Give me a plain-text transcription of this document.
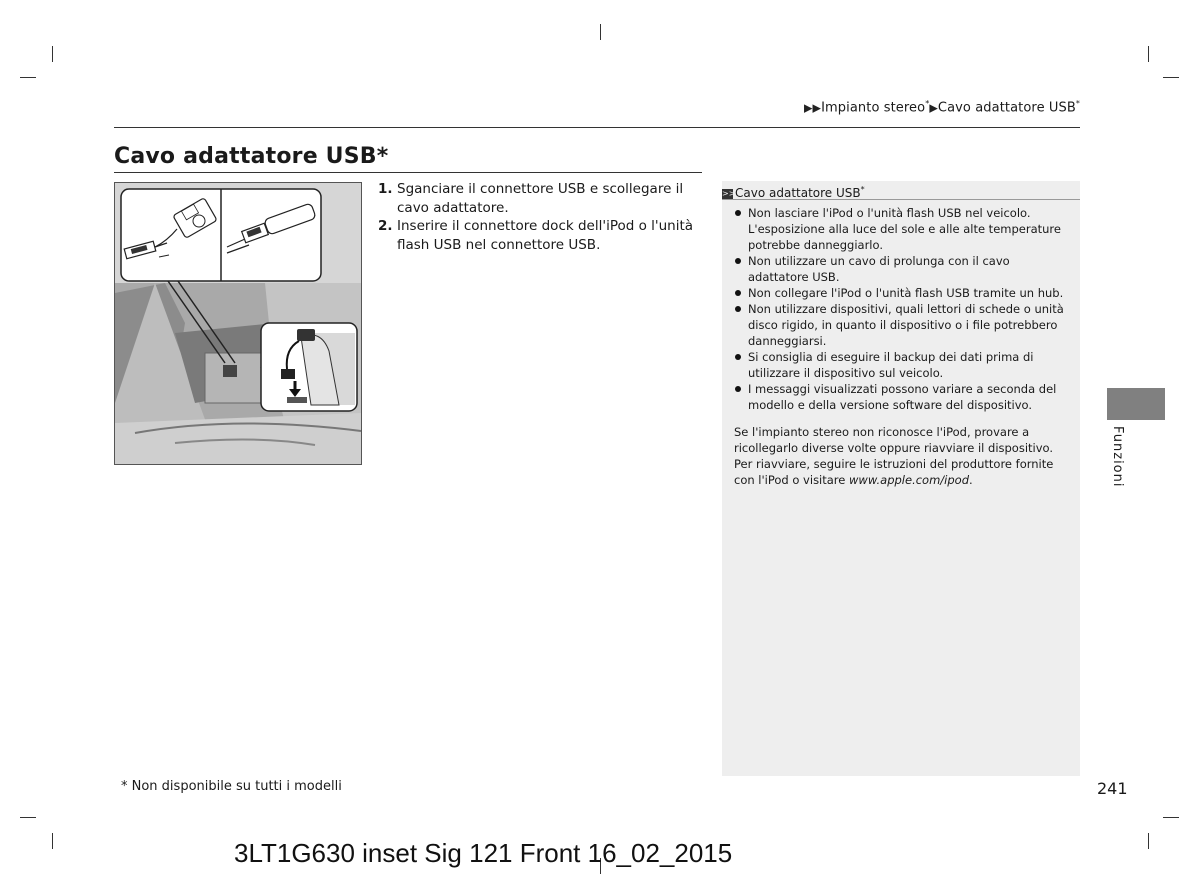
▶▶Impianto stereo*▶Cavo adattatore USB*
Cavo adattatore USB*
1. Sganciare il connettore USB e scollegare il cavo adattatore.
2. Inserire il connettore dock dell'iPod o l'unità flash USB nel connettore USB.
>>Cavo adattatore USB*
Non lasciare l'iPod o l'unità flash USB nel veicolo. L'esposizione alla luce del sole e alle alte temperature potrebbe danneggiarlo.
Non utilizzare un cavo di prolunga con il cavo adattatore USB.
Non collegare l'iPod o l'unità flash USB tramite un hub.
Non utilizzare dispositivi, quali lettori di schede o unità disco rigido, in quanto il dispositivo o i file potrebbero danneggiarsi.
Si consiglia di eseguire il backup dei dati prima di utilizzare il dispositivo sul veicolo.
I messaggi visualizzati possono variare a seconda del modello e della versione software del dispositivo.
Se l'impianto stereo non riconosce l'iPod, provare a ricollegarlo diverse volte oppure riavviare il dispositivo. Per riavviare, seguire le istruzioni del produttore fornite con l'iPod o visitare www.apple.com/ipod.	Funzioni
* Non disponibile su tutti i modelli	241
3LT1G630 inset Sig 121 Front 16_02_2015
